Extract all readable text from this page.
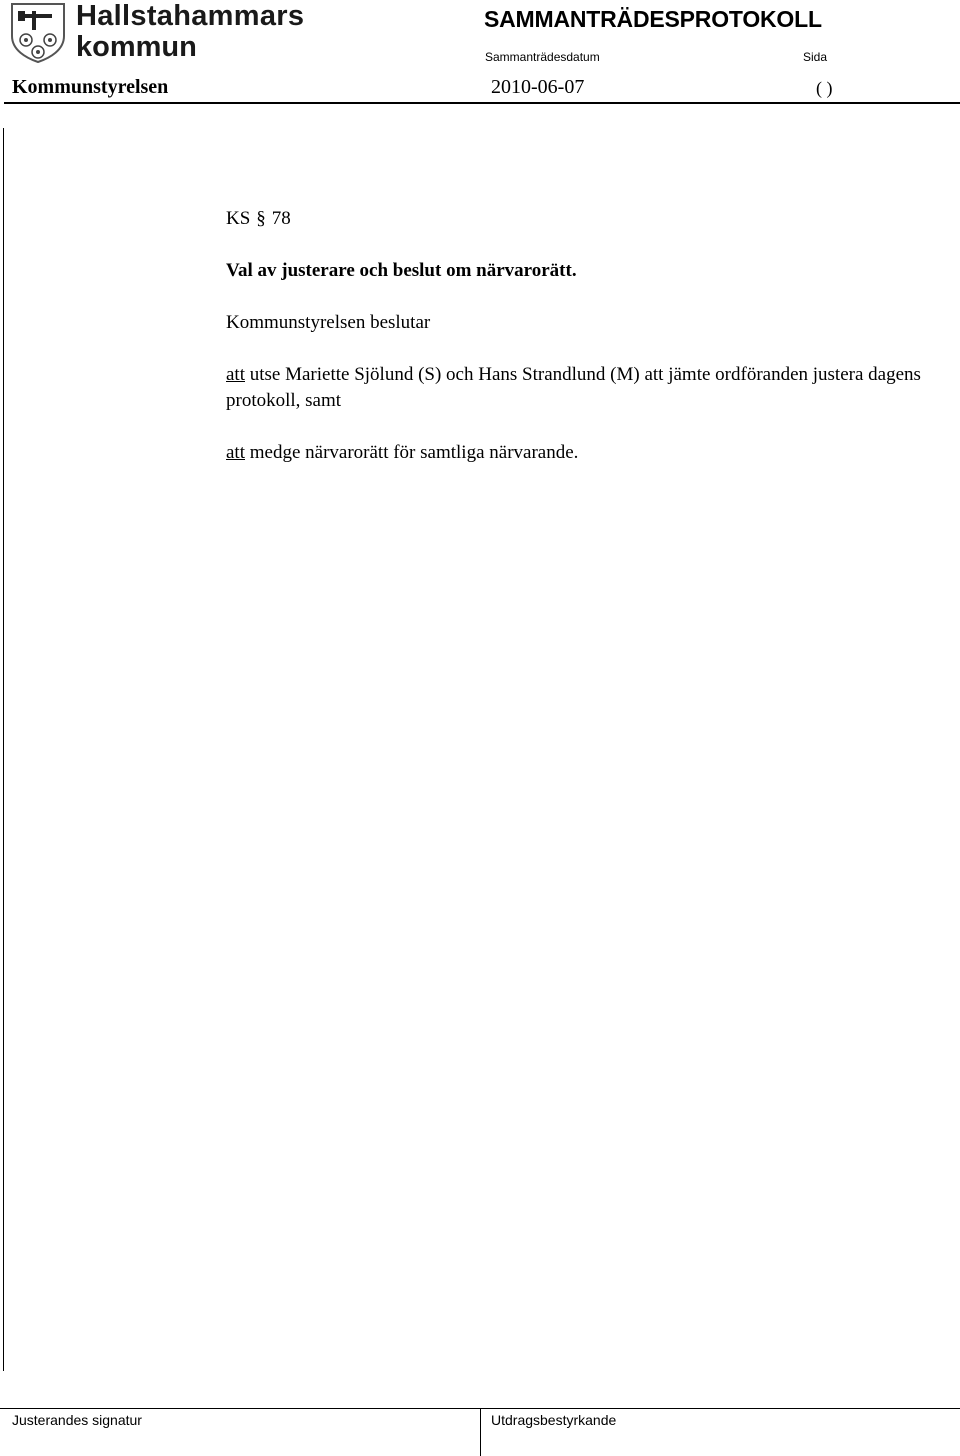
Hallstahammars
kommun
SAMMANTRÄDESPROTOKOLL
Sammanträdesdatum	Sida
Kommunstyrelsen	2010-06-07	( )
KS § 78
Val av justerare och beslut om närvarorätt.
Kommunstyrelsen beslutar
att utse Mariette Sjölund (S) och Hans Strandlund (M) att jämte ordföranden justera dagens protokoll, samt
att medge närvarorätt för samtliga närvarande.
Justerandes signatur	Utdragsbestyrkande
